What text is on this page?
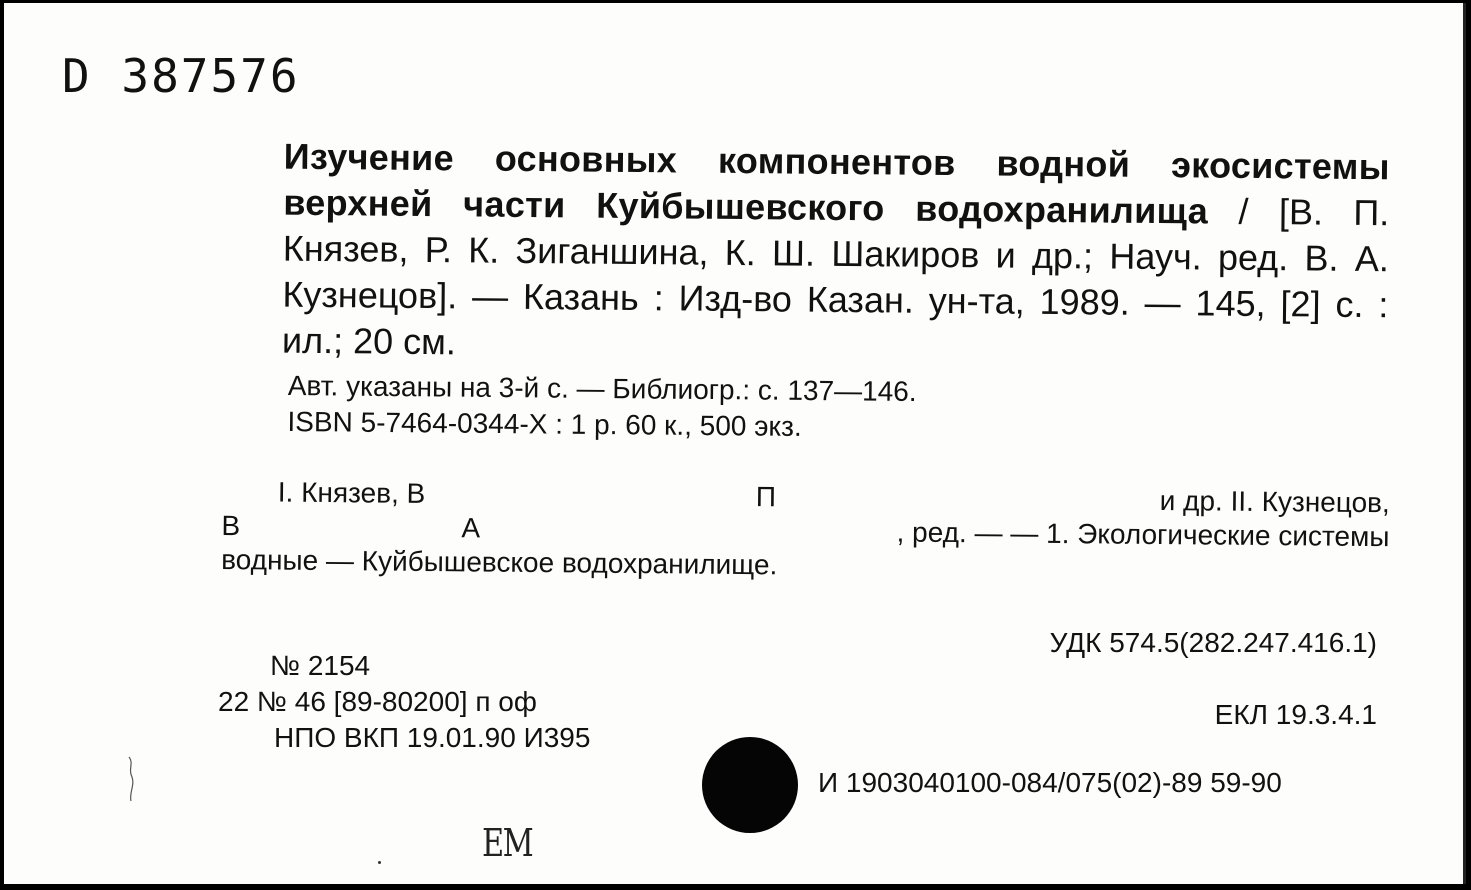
D 387576

Изучение основных компонентов водной экосистемы верхней части Куйбышевского водохранилища / [В. П. Князев, Р. К. Зиганшина, К. Ш. Шакиров и др.; Науч. ред. В. А. Кузнецов]. — Казань : Изд-во Казан. ун-та, 1989. — 145, [2] с. : ил.; 20 см.

Авт. указаны на 3-й с. — Библиогр.: с. 137—146.
ISBN 5-7464-0344-X : 1 р. 60 к., 500 экз.
I. Князев, В	П	и др. II. Кузнецов,
В	А	, ред. — — 1. Экологические системы
водные — Куйбышевское водохранилище.
№ 2154
22 № 46 [89-80200] п оф
НПО ВКП 19.01.90 И395
УДК 574.5(282.247.416.1)
ЕКЛ 19.3.4.1
И 1903040100-084/075(02)-89 59-90
ЕМ
